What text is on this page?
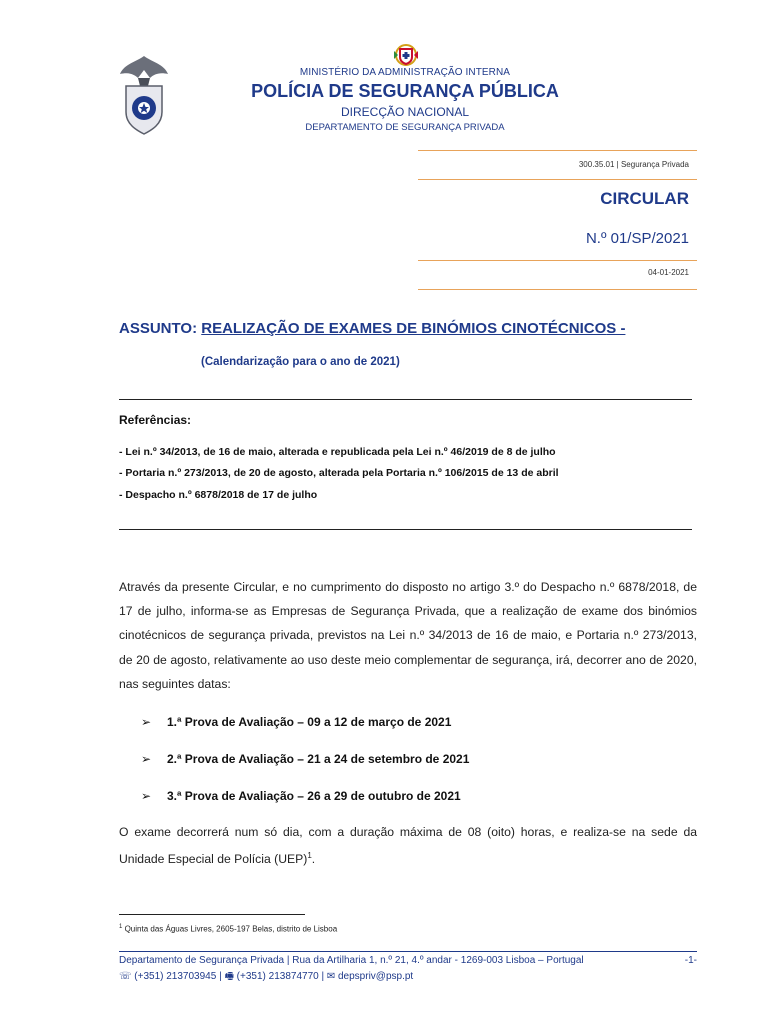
MINISTÉRIO DA ADMINISTRAÇÃO INTERNA
POLÍCIA DE SEGURANÇA PÚBLICA
DIRECÇÃO NACIONAL
DEPARTAMENTO DE SEGURANÇA PRIVADA
300.35.01 | Segurança Privada
CIRCULAR
N.º 01/SP/2021
04-01-2021
ASSUNTO: REALIZAÇÃO DE EXAMES DE BINÓMIOS CINOTÉCNICOS -
(Calendarização para o ano de 2021)
Referências:
- Lei n.º 34/2013, de 16 de maio, alterada e republicada pela Lei n.º 46/2019 de 8 de julho
- Portaria n.º 273/2013, de 20 de agosto, alterada pela Portaria n.º 106/2015 de 13 de abril
- Despacho n.º 6878/2018 de 17 de julho
Através da presente Circular, e no cumprimento do disposto no artigo 3.º do Despacho n.º 6878/2018, de 17 de julho, informa-se as Empresas de Segurança Privada, que a realização de exame dos binómios cinotécnicos de segurança privada, previstos na Lei n.º 34/2013 de 16 de maio, e Portaria n.º 273/2013, de 20 de agosto, relativamente ao uso deste meio complementar de segurança, irá, decorrer ano de 2020, nas seguintes datas:
➢ 1.ª Prova de Avaliação – 09 a 12 de março de 2021
➢ 2.ª Prova de Avaliação – 21 a 24 de setembro de 2021
➢ 3.ª Prova de Avaliação – 26 a 29 de outubro de 2021
O exame decorrerá num só dia, com a duração máxima de 08 (oito) horas, e realiza-se na sede da Unidade Especial de Polícia (UEP)$^1$.
$^1$ Quinta das Águas Livres, 2605-197 Belas, distrito de Lisboa
Departamento de Segurança Privada | Rua da Artilharia 1, n.º 21, 4.º andar - 1269-003 Lisboa – Portugal
☏ (+351) 213703945 | 🖷 (+351) 213874770 | ✉ depspriv@psp.pt
-1-
